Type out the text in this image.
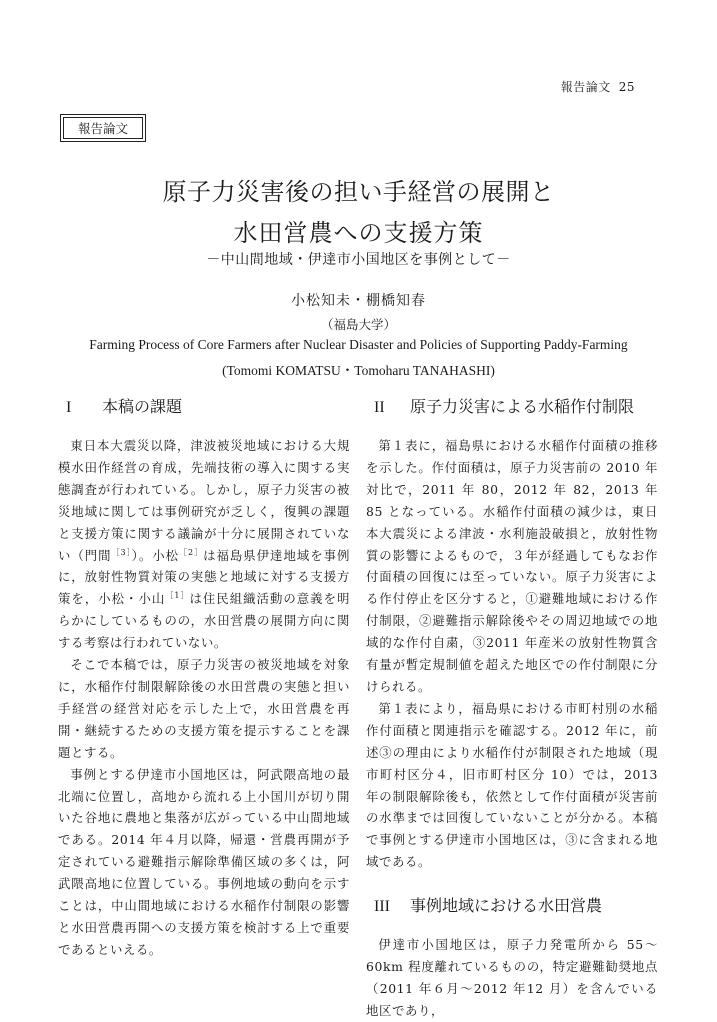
報告論文 25
報告論文
原子力災害後の担い手経営の展開と
水田営農への支援方策
－中山間地域・伊達市小国地区を事例として－
小松知未・棚橋知春
（福島大学）
Farming Process of Core Farmers after Nuclear Disaster and Policies of Supporting Paddy-Farming
(Tomomi KOMATSU・Tomoharu TANAHASHI)
I 本稿の課題

東日本大震災以降，津波被災地域における大規模水田作経営の育成，先端技術の導入に関する実態調査が行われている。しかし，原子力災害の被災地域に関しては事例研究が乏しく，復興の課題と支援方策に関する議論が十分に展開されていない（門間$^{[3]}$）。小松$^{[2]}$は福島県伊達地域を事例に，放射性物質対策の実態と地域に対する支援方策を，小松・小山$^{[1]}$は住民組織活動の意義を明らかにしているものの，水田営農の展開方向に関する考察は行われていない。

そこで本稿では，原子力災害の被災地域を対象に，水稲作付制限解除後の水田営農の実態と担い手経営の経営対応を示した上で，水田営農を再開・継続するための支援方策を提示することを課題とする。

事例とする伊達市小国地区は，阿武隈高地の最北端に位置し，高地から流れる上小国川が切り開いた谷地に農地と集落が広がっている中山間地域である。2014 年４月以降，帰還・営農再開が予定されている避難指示解除準備区域の多くは，阿武隈高地に位置している。事例地域の動向を示すことは，中山間地域における水稲作付制限の影響と水田営農再開への支援方策を検討する上で重要であるといえる。

II 原子力災害による水稲作付制限

第１表に，福島県における水稲作付面積の推移を示した。作付面積は，原子力災害前の 2010 年対比で，2011 年 80，2012 年 82，2013 年 85 となっている。水稲作付面積の減少は，東日本大震災による津波・水利施設破損と，放射性物質の影響によるもので，３年が経過してもなお作付面積の回復には至っていない。原子力災害による作付停止を区分すると，①避難地域における作付制限，②避難指示解除後やその周辺地域での地域的な作付自粛，③2011 年産米の放射性物質含有量が暫定規制値を超えた地区での作付制限に分けられる。

第１表により，福島県における市町村別の水稲作付面積と関連指示を確認する。2012 年に，前述③の理由により水稲作付が制限された地域（現市町村区分４，旧市町村区分 10）では，2013 年の制限解除後も，依然として作付面積が災害前の水準までは回復していないことが分かる。本稿で事例とする伊達市小国地区は，③に含まれる地域である。

III 事例地域における水田営農

伊達市小国地区は，原子力発電所から 55～60km 程度離れているものの，特定避難勧奨地点（2011 年６月～2012 年12 月）を含んでいる地区であり，
